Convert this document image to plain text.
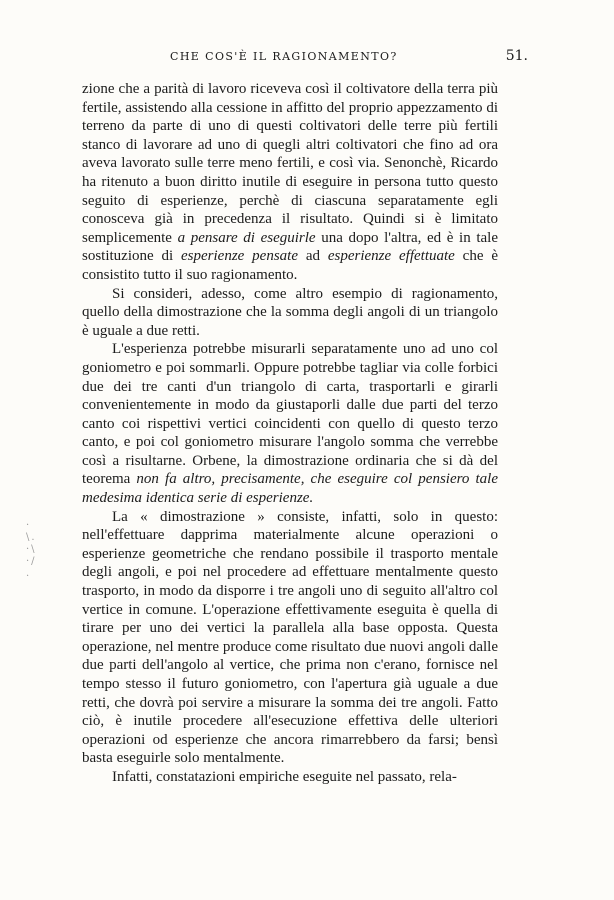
CHE COS'È IL RAGIONAMENTO?	51.
·
\.
·\
·/
.

zione che a parità di lavoro riceveva così il coltivatore della terra più fertile, assistendo alla cessione in affitto del proprio appezzamento di terreno da parte di uno di questi coltivatori delle terre più fertili stanco di lavorare ad uno di quegli altri coltivatori che fino ad ora aveva lavorato sulle terre meno fertili, e così via. Senonchè, Ricardo ha ritenuto a buon diritto inutile di eseguire in persona tutto questo seguito di esperienze, perchè di ciascuna separatamente egli conosceva già in precedenza il risultato. Quindi si è limitato semplicemente a pensare di eseguirle una dopo l'altra, ed è in tale sostituzione di esperienze pensate ad esperienze effettuate che è consistito tutto il suo ragionamento.

Si consideri, adesso, come altro esempio di ragionamento, quello della dimostrazione che la somma degli angoli di un triangolo è uguale a due retti.

L'esperienza potrebbe misurarli separatamente uno ad uno col goniometro e poi sommarli. Oppure potrebbe tagliar via colle forbici due dei tre canti d'un triangolo di carta, trasportarli e girarli convenientemente in modo da giustaporli dalle due parti del terzo canto coi rispettivi vertici coincidenti con quello di questo terzo canto, e poi col goniometro misurare l'angolo somma che verrebbe così a risultarne. Orbene, la dimostrazione ordinaria che si dà del teorema non fa altro, precisamente, che eseguire col pensiero tale medesima identica serie di esperienze.

La « dimostrazione » consiste, infatti, solo in questo: nell'effettuare dapprima materialmente alcune operazioni o esperienze geometriche che rendano possibile il trasporto mentale degli angoli, e poi nel procedere ad effettuare mentalmente questo trasporto, in modo da disporre i tre angoli uno di seguito all'altro col vertice in comune. L'operazione effettivamente eseguita è quella di tirare per uno dei vertici la parallela alla base opposta. Questa operazione, nel mentre produce come risultato due nuovi angoli dalle due parti dell'angolo al vertice, che prima non c'erano, fornisce nel tempo stesso il futuro goniometro, con l'apertura già uguale a due retti, che dovrà poi servire a misurare la somma dei tre angoli. Fatto ciò, è inutile procedere all'esecuzione effettiva delle ulteriori operazioni od esperienze che ancora rimarrebbero da farsi; bensì basta eseguirle solo mentalmente.

Infatti, constatazioni empiriche eseguite nel passato, rela-
